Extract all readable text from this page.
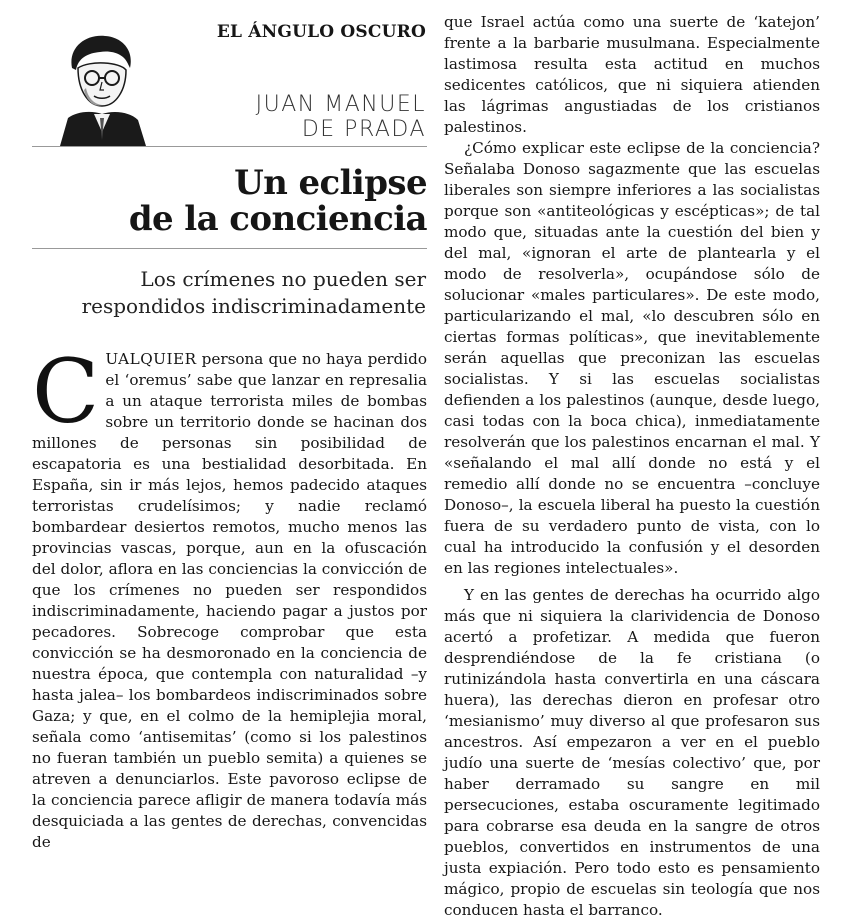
EL ÁNGULO OSCURO
JUAN MANUEL
DE PRADA
Un eclipse
de la conciencia
Los crímenes no pueden ser
respondidos indiscriminadamente

CUALQUIER persona que no haya perdido el ‘oremus’ sabe que lanzar en represalia a un ataque terrorista miles de bombas sobre un territorio donde se hacinan dos millones de personas sin posibilidad de escapatoria es una bestialidad desorbitada. En España, sin ir más lejos, hemos padecido ataques terroristas crudelísimos; y nadie reclamó bombardear desiertos remotos, mucho menos las provincias vascas, porque, aun en la ofuscación del dolor, aflora en las conciencias la convicción de que los crímenes no pueden ser respondidos indiscriminadamente, haciendo pagar a justos por pecadores. Sobrecoge comprobar que esta convicción se ha desmoronado en la conciencia de nuestra época, que contempla con naturalidad –y hasta jalea– los bombardeos indiscriminados sobre Gaza; y que, en el colmo de la hemiplejia moral, señala como ‘antisemitas’ (como si los palestinos no fueran también un pueblo semita) a quienes se atreven a denunciarlos. Este pavoroso eclipse de la conciencia parece afligir de manera todavía más desquiciada a las gentes de derechas, convencidas de

que Israel actúa como una suerte de ‘katejon’ frente a la barbarie musulmana. Especialmente lastimosa resulta esta actitud en muchos sedicentes católicos, que ni siquiera atienden las lágrimas angustiadas de los cristianos palestinos.

¿Cómo explicar este eclipse de la conciencia? Señalaba Donoso sagazmente que las escuelas liberales son siempre inferiores a las socialistas porque son «antiteológicas y escépticas»; de tal modo que, situadas ante la cuestión del bien y del mal, «ignoran el arte de plantearla y el modo de resolverla», ocupándose sólo de solucionar «males particulares». De este modo, particularizando el mal, «lo descubren sólo en ciertas formas políticas», que inevitablemente serán aquellas que preconizan las escuelas socialistas. Y si las escuelas socialistas defienden a los palestinos (aunque, desde luego, casi todas con la boca chica), inmediatamente resolverán que los palestinos encarnan el mal. Y «señalando el mal allí donde no está y el remedio allí donde no se encuentra –concluye Donoso–, la escuela liberal ha puesto la cuestión fuera de su verdadero punto de vista, con lo cual ha introducido la confusión y el desorden en las regiones intelectuales».

Y en las gentes de derechas ha ocurrido algo más que ni siquiera la clarividencia de Donoso acertó a profetizar. A medida que fueron desprendiéndose de la fe cristiana (o rutinizándola hasta convertirla en una cáscara huera), las derechas dieron en profesar otro ‘mesianismo’ muy diverso al que profesaron sus ancestros. Así empezaron a ver en el pueblo judío una suerte de ‘mesías colectivo’ que, por haber derramado su sangre en mil persecuciones, estaba oscuramente legitimado para cobrarse esa deuda en la sangre de otros pueblos, convertidos en instrumentos de una justa expiación. Pero todo esto es pensamiento mágico, propio de escuelas sin teología que nos conducen hasta el barranco.
